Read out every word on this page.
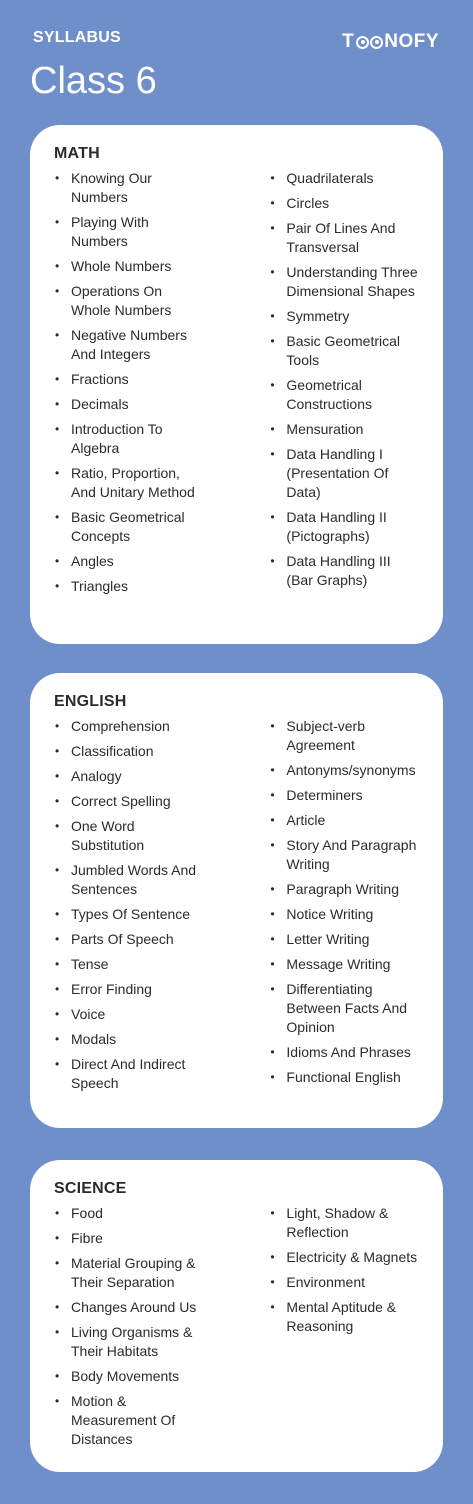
SYLLABUS
Class 6
T NOFY
MATH
• Knowing Our Numbers
• Playing With Numbers
• Whole Numbers
• Operations On Whole Numbers
• Negative Numbers And Integers
• Fractions
• Decimals
• Introduction To Algebra
• Ratio, Proportion, And Unitary Method
• Basic Geometrical Concepts
• Angles
• Triangles
• Quadrilaterals
• Circles
• Pair Of Lines And Transversal
• Understanding Three Dimensional Shapes
• Symmetry
• Basic Geometrical Tools
• Geometrical Constructions
• Mensuration
• Data Handling I (Presentation Of Data)
• Data Handling II (Pictographs)
• Data Handling III (Bar Graphs)
ENGLISH
• Comprehension
• Classification
• Analogy
• Correct Spelling
• One Word Substitution
• Jumbled Words And Sentences
• Types Of Sentence
• Parts Of Speech
• Tense
• Error Finding
• Voice
• Modals
• Direct And Indirect Speech
• Subject-verb Agreement
• Antonyms/synonyms
• Determiners
• Article
• Story And Paragraph Writing
• Paragraph Writing
• Notice Writing
• Letter Writing
• Message Writing
• Differentiating Between Facts And Opinion
• Idioms And Phrases
• Functional English
SCIENCE
• Food
• Fibre
• Material Grouping & Their Separation
• Changes Around Us
• Living Organisms & Their Habitats
• Body Movements
• Motion & Measurement Of Distances
• Light, Shadow & Reflection
• Electricity & Magnets
• Environment
• Mental Aptitude & Reasoning
